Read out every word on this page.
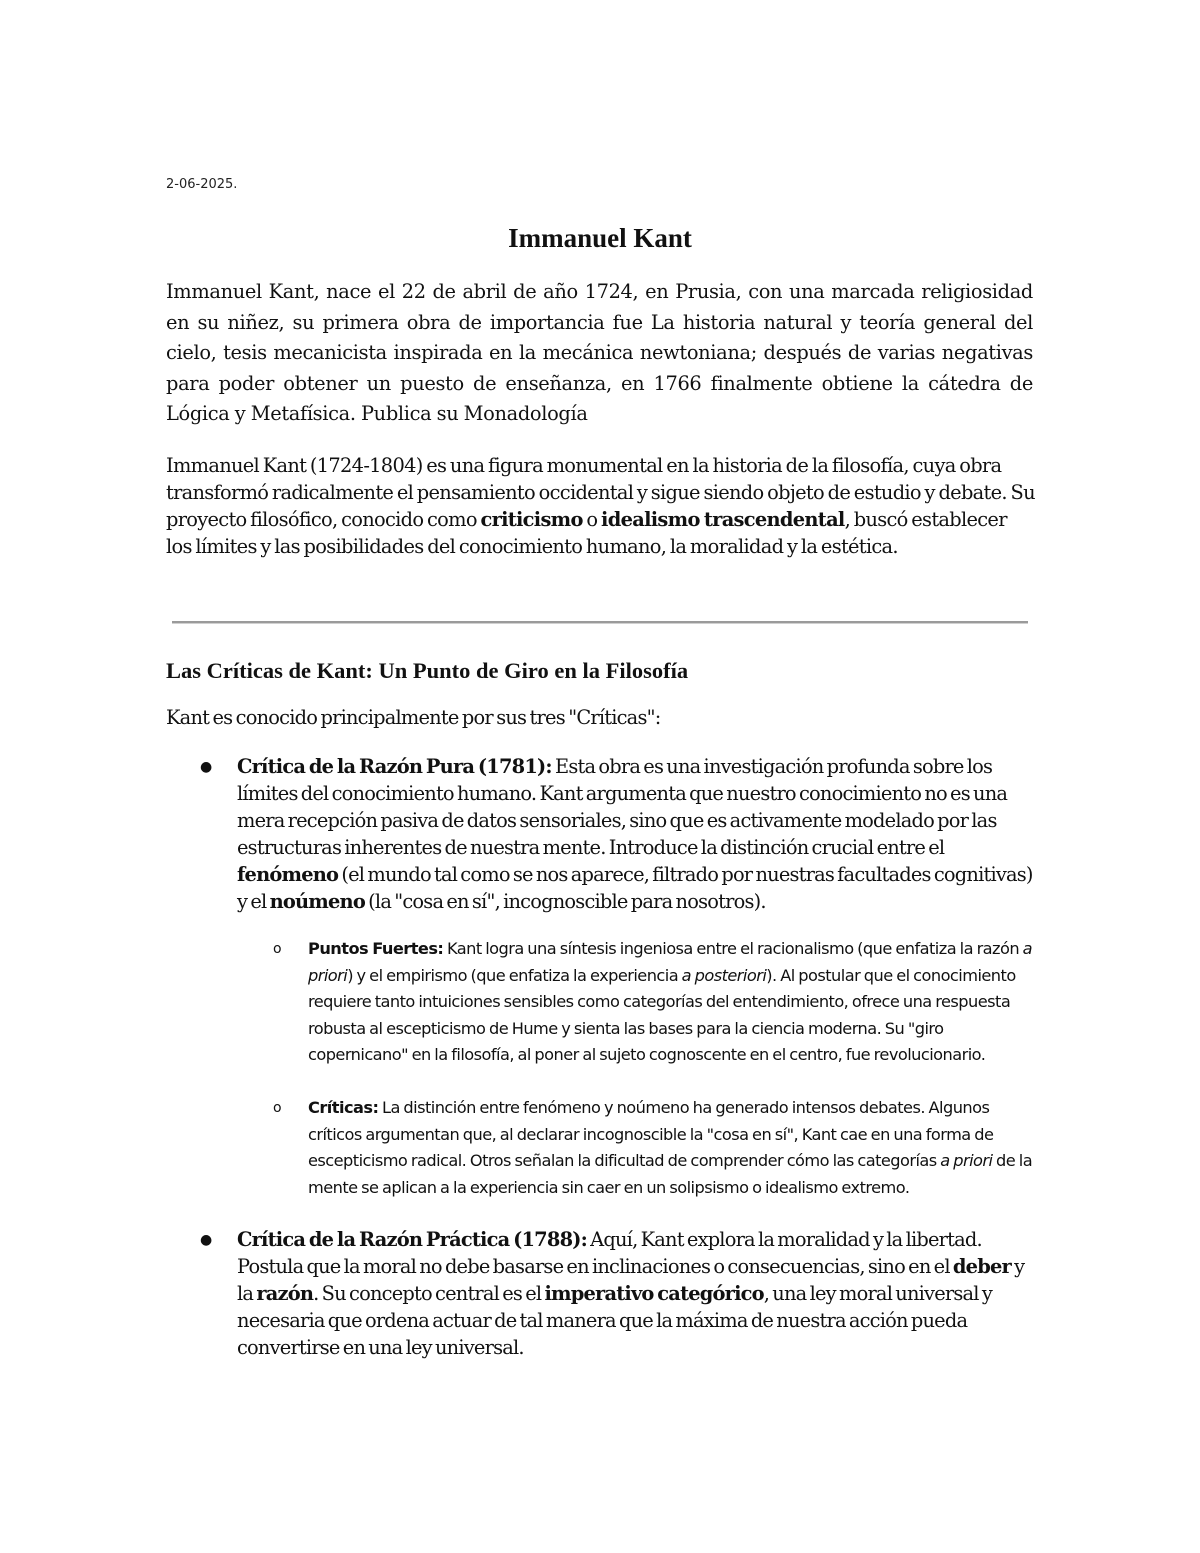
2-06-2025.
Immanuel Kant

Immanuel Kant, nace el 22 de abril de año 1724, en Prusia, con una marcada religiosidad en su niñez, su primera obra de importancia fue La historia natural y teoría general del cielo, tesis mecanicista inspirada en la mecánica newtoniana; después de varias negativas para poder obtener un puesto de enseñanza, en 1766 finalmente obtiene la cátedra de Lógica y Metafísica. Publica su Monadología

Immanuel Kant (1724-1804) es una figura monumental en la historia de la filosofía, cuya obra transformó radicalmente el pensamiento occidental y sigue siendo objeto de estudio y debate. Su proyecto filosófico, conocido como criticismo o idealismo trascendental, buscó establecer los límites y las posibilidades del conocimiento humano, la moralidad y la estética.

Las Críticas de Kant: Un Punto de Giro en la Filosofía

Kant es conocido principalmente por sus tres "Críticas":

● Crítica de la Razón Pura (1781): Esta obra es una investigación profunda sobre los límites del conocimiento humano. Kant argumenta que nuestro conocimiento no es una mera recepción pasiva de datos sensoriales, sino que es activamente modelado por las estructuras inherentes de nuestra mente. Introduce la distinción crucial entre el fenómeno (el mundo tal como se nos aparece, filtrado por nuestras facultades cognitivas) y el noúmeno (la "cosa en sí", incognoscible para nosotros).

o Puntos Fuertes: Kant logra una síntesis ingeniosa entre el racionalismo (que enfatiza la razón a priori) y el empirismo (que enfatiza la experiencia a posteriori). Al postular que el conocimiento requiere tanto intuiciones sensibles como categorías del entendimiento, ofrece una respuesta robusta al escepticismo de Hume y sienta las bases para la ciencia moderna. Su "giro copernicano" en la filosofía, al poner al sujeto cognoscente en el centro, fue revolucionario.

o Críticas: La distinción entre fenómeno y noúmeno ha generado intensos debates. Algunos críticos argumentan que, al declarar incognoscible la "cosa en sí", Kant cae en una forma de escepticismo radical. Otros señalan la dificultad de comprender cómo las categorías a priori de la mente se aplican a la experiencia sin caer en un solipsismo o idealismo extremo.

● Crítica de la Razón Práctica (1788): Aquí, Kant explora la moralidad y la libertad. Postula que la moral no debe basarse en inclinaciones o consecuencias, sino en el deber y la razón. Su concepto central es el imperativo categórico, una ley moral universal y necesaria que ordena actuar de tal manera que la máxima de nuestra acción pueda convertirse en una ley universal.
